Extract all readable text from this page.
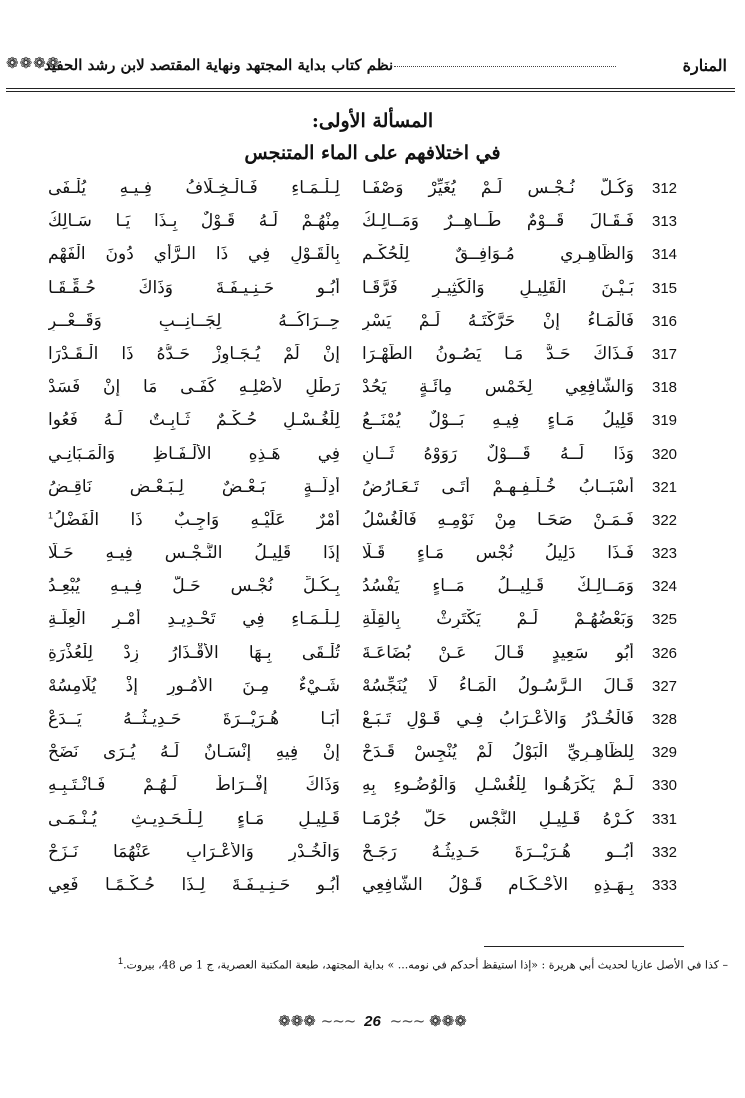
المنارة
نظم كتاب بداية المجتهد ونهاية المقتصد لابن رشد الحفيد
❁❁❁❁
المسألة الأولى:
في اختلافهم على الماء المتنجس
312
وَكُـلُّ نُـجْـسٍ لَـمْ يُغَيِّرْ وَصْفَـا
لِـلْـمَـاءِ فَـالْـخِـلَافُ فِـيـهِ يُلْـفَى
313
فَـقَـالَ قَــوْمٌ طَــاهِــرٌ وَمَــالِـكُ
مِنْهُـمْ لَـهُ قَـوْلٌ بِـذَا يَـا سَـالِكُ
314
وَالظَّاهِـرِي مُـوَافِــقٌ لِلْحُكْـمِ
بِالْقَـوْلِ فِي ذَا الـرَّأْيِ دُونَ الْفَهْمِ
315
بَـيْـنَ الْقَلِيـلِ وَالْكَثِيـرِ فَرَّقَـا
أَبُـو حَـنِـيـفَـةَ وَذَاكَ حُـقِّـقَـا
316
فَالْمَـاءُ إِنْ حَرَّكْتَـهُ لَـمْ يَسْرِ
حِــرَاكُــهُ لِجَــانِــبٍ وَقَــعْــرِ
317
فَـذَاكَ حَـدٌّ مَـا يَصُـونُ الطُّهْـرَا
إِنْ لَمْ يُـجَـاوِزْ حَـدُّهُ ذَا الْـقَـدْرَا
318
وَالشَّافِعِي لِخَمْسِ مِائَـةٍ يَحُدْ
رَطْلٍ لأَصْلِـهِ كَفَـى مَا إِنْ فَسَدْ
319
قَلِيلُ مَـاءٍ فِيـهِ بَــوْلٌ يُمْنَــعُ
لِلْغُـسْـلِ حُـكْـمٌ ثَـابِـتٌ لَـهُ فَعُوا
320
وَذَا لَــهُ قَـــوْلٌ رَوَوْهُ ثَــانِ
فِي هَـذِهِ الأَلْـفَـاظِ وَالْمَـبَانِـي
321
أَسْبَــابُ خُـلْـفِـهِـمْ أَتَـى تَـعَـارُضُ
أَدِلَّــةٍ بَـعْـضٌ لِـبَـعْـضٍ نَاقِـضُ
322
فَـمَـنْ صَحَـا مِنْ نَوْمِـهِ فَالْغُسْلُ
أَمْرٌ عَلَيْـهِ وَاجِـبٌ ذَا الْفَضْلُ$^1$
323
فَـذَا دَلِيلُ نُجْسِ مَـاءٍ قَـلَّا
إِذَا قَلِيـلُ النُّـجْـسِ فِيـهِ حَـلَّا
324
وَمَــالِـكٌ قَـلِيــلُ مَــاءٍ يَفْسُدُ
بِـكُـلِّ نُجْـسٍ حَـلَّ فِـيـهِ يُبْعِـدُ
325
وَبَعْضُهُـمْ لَـمْ يَكْتَرِثْ بِالقِلَّةِ
لِـلْـمَـاءِ فِي تَحْـدِيـدِ أَمْـرِ الْعِلَّـةِ
326
أَبُو سَعِيدٍ قَـالَ عَـنْ بُضَاعَـةَ
تُلْـقَى بِـهَا الأَقْـذَارُ زِدْ لِلْعُذْرَةِ
327
قَـالَ الـرَّسُـولُ الْمَـاءُ لَا يُنَجِّسُهْ
شَـيْءٌ مِـنَ الأُمُـورِ إِذْ يُلَامِسُهْ
328
فَالْخُـدْرُ وَالأَعْـرَابُ فِـي قَـوْلٍ تَـبَـعْ
أَبَـا هُـرَيْــرَةَ حَـدِيـثُــهُ يَــدَعْ
329
لِلظَّاهِـرِيِّ الْبَوْلُ لَمْ يُنْجِسْ قَـدَحْ
إِنْ فِيهِ إِنْسَـانٌ لَـهُ يُـرَى نَضَحْ
330
لَـمْ يَكْرَهُـوا لِلْغُسْـلِ وَالْوُضُـوءِ بِهِ
وَذَاكَ إِفْــرَاطٌ لَـهُـمْ فَـانْـتَـبِـهِ
331
كُـرْهُ قَـلِيـلِ النُّجْسِ حَلَّ جُرْمَـا
قَـلِيـلِ مَـاءٍ لِـلْـحَـدِيـثِ يُـنْـمَـى
332
أَبُــو هُـرَيْــرَةَ حَـدِيثُـهُ رَجَـحْ
وَالْخُـدْرِ وَالأَعْـرَابِ عَنْهُمَا نَـزَحْ
333
بِـهَـذِهِ الأَحْـكَـامِ قَـوْلُ الشَّافِعِي
أَبُـو حَـنِـيـفَـةَ لِـذَا حُـكْـمًـا فَعِي
– كذا في الأصل عازيا لحديث أبي هريرة : «إذا استيقظ أحدكم في نومه... » بداية المجتهد، طبعة المكتبة العصرية، ج 1 ص 48، بيروت.$^1$
❁❁❁ ~~~ 26 ~~~ ❁❁❁
